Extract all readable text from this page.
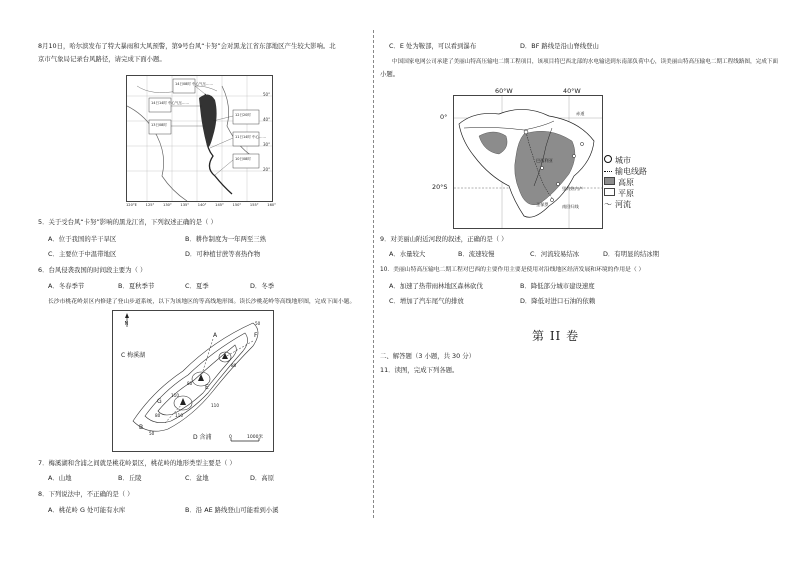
8月10日，哈尔滨发布了特大暴雨和大风预警，第9号台风“卡努”会对黑龙江省东部地区产生较大影响。北
京市气象局记录台风路径，请完成下面小题。
14日08时 中心气压……
14日14时 中心气压……
13日08时
12日20时
11日14时 中心……
10日08时
50°
40°
30°
20°
120°E 125° 130° 135° 140° 145° 150° 155° 160°
5．关于受台风“卡努”影响的黑龙江省，下列叙述正确的是（ ）
A．位于我国的半干旱区	B．耕作制度为一年两至三熟
C．主要位于中温带地区	D．可种植甘蔗等喜热作物
6．台风侵袭我国的时间段主要为（ ）
A．冬春季节	B．夏秋季节	C．夏季	D．冬季
长沙市桃花岭景区内修建了登山步道系统，以下为该地区的等高线地形图。读长沙桃花岭等高线地形图，完成下面小题。
N
C 梅溪湖
D 含浦
A
B
E
F
G
50
80
110
110
80
50
80
110
0	1000米
7．梅溪湖和含浦之间就是桃花岭景区，桃花岭的地形类型主要是（ ）
A．山地	B．丘陵	C．盆地	D．高原
8．下列说法中，不正确的是（ ）
A．桃花岭 G 处可能有水库	B．沿 AE 路线登山可能看到小溪
C．E 处为鞍部，可以看到瀑布	D．BF 路线是沿山脊线登山
中国国家电网公司承建了美丽山特高压输电二期工程项目，该项目将巴西北部的水电输送到东南部负荷中心，读美丽山特高压输电二期工程线路图，完成下面
小题。
巴西利亚
里约热内卢
圣保罗	南回归线
赤道
60°W	40°W
0°
20°S
城市
输电线路
高原
平原
〜 河流
9．对美丽山附近河段的叙述，正确的是（ ）
A．水量较大	B．流速较慢	C．河流较易结冰	D．有明显的结冰期
10．美丽山特高压输电二期工程对巴西的主要作用主要是使用对沿线地区经济发展和环境的作用是（ ）
A．加速了热带雨林地区森林砍伐	B．降低部分城市建设速度
C．增加了汽车尾气的排放	D．降低对进口石油的依赖
第 II 卷
二、解答题（3 小题，共 30 分）
11．读图，完成下列各题。
